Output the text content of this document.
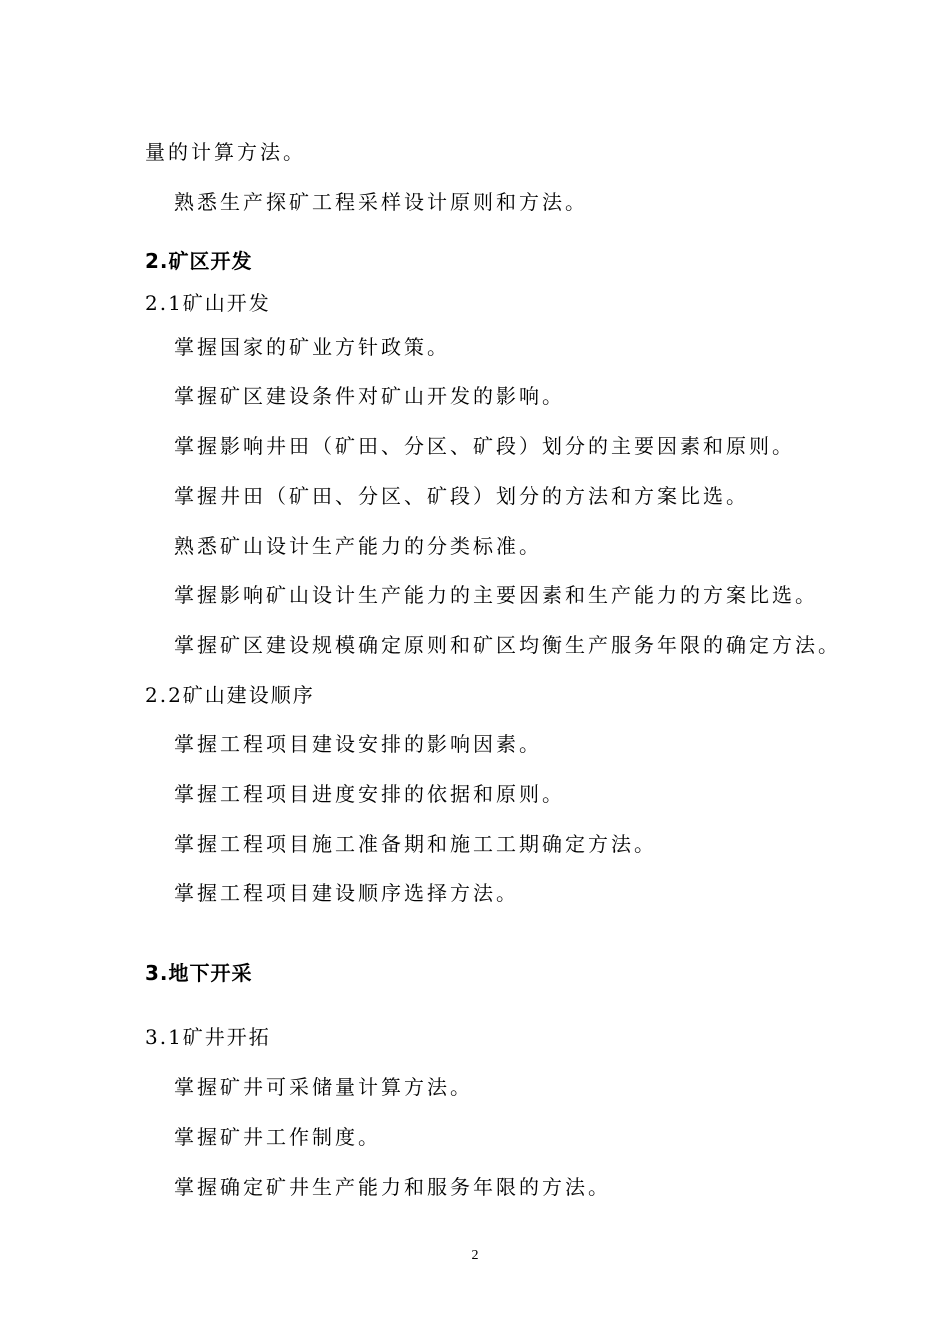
量的计算方法。
熟悉生产探矿工程采样设计原则和方法。
2.矿区开发
2.1矿山开发
掌握国家的矿业方针政策。
掌握矿区建设条件对矿山开发的影响。
掌握影响井田（矿田、分区、矿段）划分的主要因素和原则。
掌握井田（矿田、分区、矿段）划分的方法和方案比选。
熟悉矿山设计生产能力的分类标准。
掌握影响矿山设计生产能力的主要因素和生产能力的方案比选。
掌握矿区建设规模确定原则和矿区均衡生产服务年限的确定方法。
2.2矿山建设顺序
掌握工程项目建设安排的影响因素。
掌握工程项目进度安排的依据和原则。
掌握工程项目施工准备期和施工工期确定方法。
掌握工程项目建设顺序选择方法。
3.地下开采
3.1矿井开拓
掌握矿井可采储量计算方法。
掌握矿井工作制度。
掌握确定矿井生产能力和服务年限的方法。
2
